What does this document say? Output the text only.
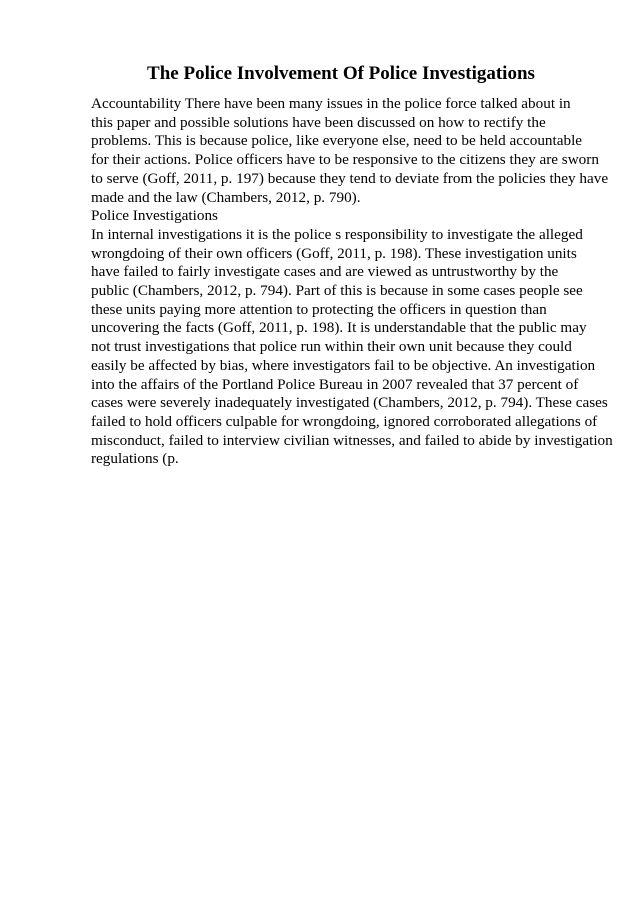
The Police Involvement Of Police Investigations
Accountability There have been many issues in the police force talked about in
this paper and possible solutions have been discussed on how to rectify the
problems. This is because police, like everyone else, need to be held accountable
for their actions. Police officers have to be responsive to the citizens they are sworn
to serve (Goff, 2011, p. 197) because they tend to deviate from the policies they have
made and the law (Chambers, 2012, p. 790).
Police Investigations
In internal investigations it is the police s responsibility to investigate the alleged
wrongdoing of their own officers (Goff, 2011, p. 198). These investigation units
have failed to fairly investigate cases and are viewed as untrustworthy by the
public (Chambers, 2012, p. 794). Part of this is because in some cases people see
these units paying more attention to protecting the officers in question than
uncovering the facts (Goff, 2011, p. 198). It is understandable that the public may
not trust investigations that police run within their own unit because they could
easily be affected by bias, where investigators fail to be objective. An investigation
into the affairs of the Portland Police Bureau in 2007 revealed that 37 percent of
cases were severely inadequately investigated (Chambers, 2012, p. 794). These cases
failed to hold officers culpable for wrongdoing, ignored corroborated allegations of
misconduct, failed to interview civilian witnesses, and failed to abide by investigation
regulations (p.
